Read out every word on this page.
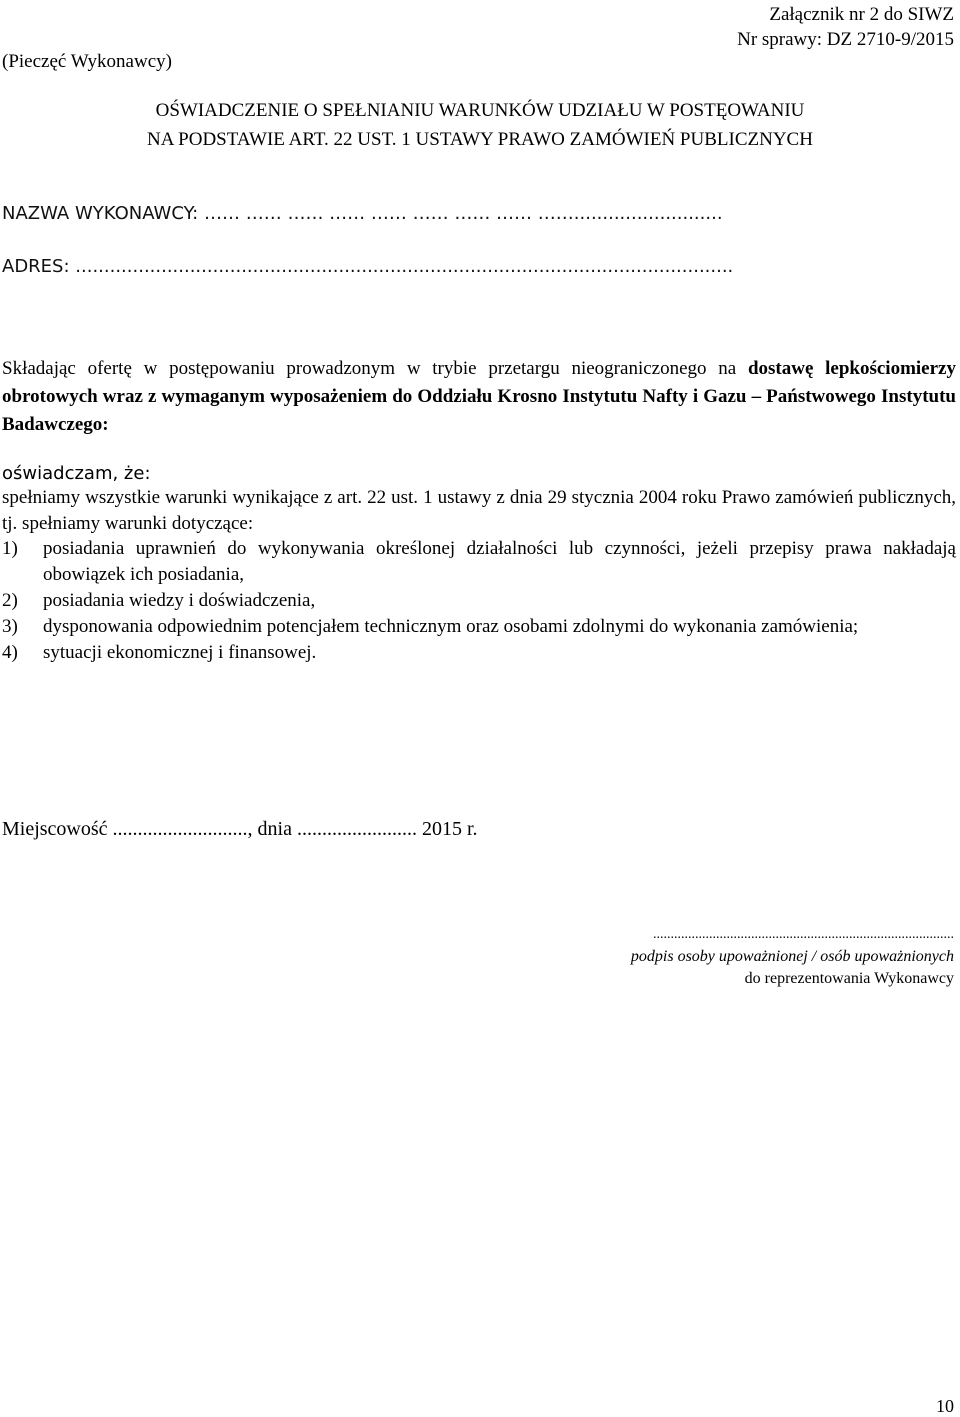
Załącznik nr 2 do SIWZ
Nr sprawy: DZ 2710-9/2015
(Pieczęć Wykonawcy)
OŚWIADCZENIE O SPEŁNIANIU WARUNKÓW UDZIAŁU W POSTĘOWANIU
NA PODSTAWIE ART. 22 UST. 1 USTAWY PRAWO ZAMÓWIEŃ PUBLICZNYCH
NAZWA WYKONAWCY: …… …… …… …… …… …… …… …… ……..........................
ADRES: ...................................................................................................................
Składając ofertę w postępowaniu prowadzonym w trybie przetargu nieograniczonego na dostawę lepkościomierzy obrotowych wraz z wymaganym wyposażeniem do Oddziału Krosno Instytutu Nafty i Gazu – Państwowego Instytutu Badawczego:
oświadczam, że:
spełniamy wszystkie warunki wynikające z art. 22 ust. 1 ustawy z dnia 29 stycznia 2004 roku Prawo zamówień publicznych, tj. spełniamy warunki dotyczące:
1) posiadania uprawnień do wykonywania określonej działalności lub czynności, jeżeli przepisy prawa nakładają obowiązek ich posiadania,
2) posiadania wiedzy i doświadczenia,
3) dysponowania odpowiednim potencjałem technicznym oraz osobami zdolnymi do wykonania zamówienia;
4) sytuacji ekonomicznej i finansowej.
Miejscowość ..........................., dnia ........................ 2015 r.
......................................................................................
podpis osoby upoważnionej / osób upoważnionych
do reprezentowania Wykonawcy
10
